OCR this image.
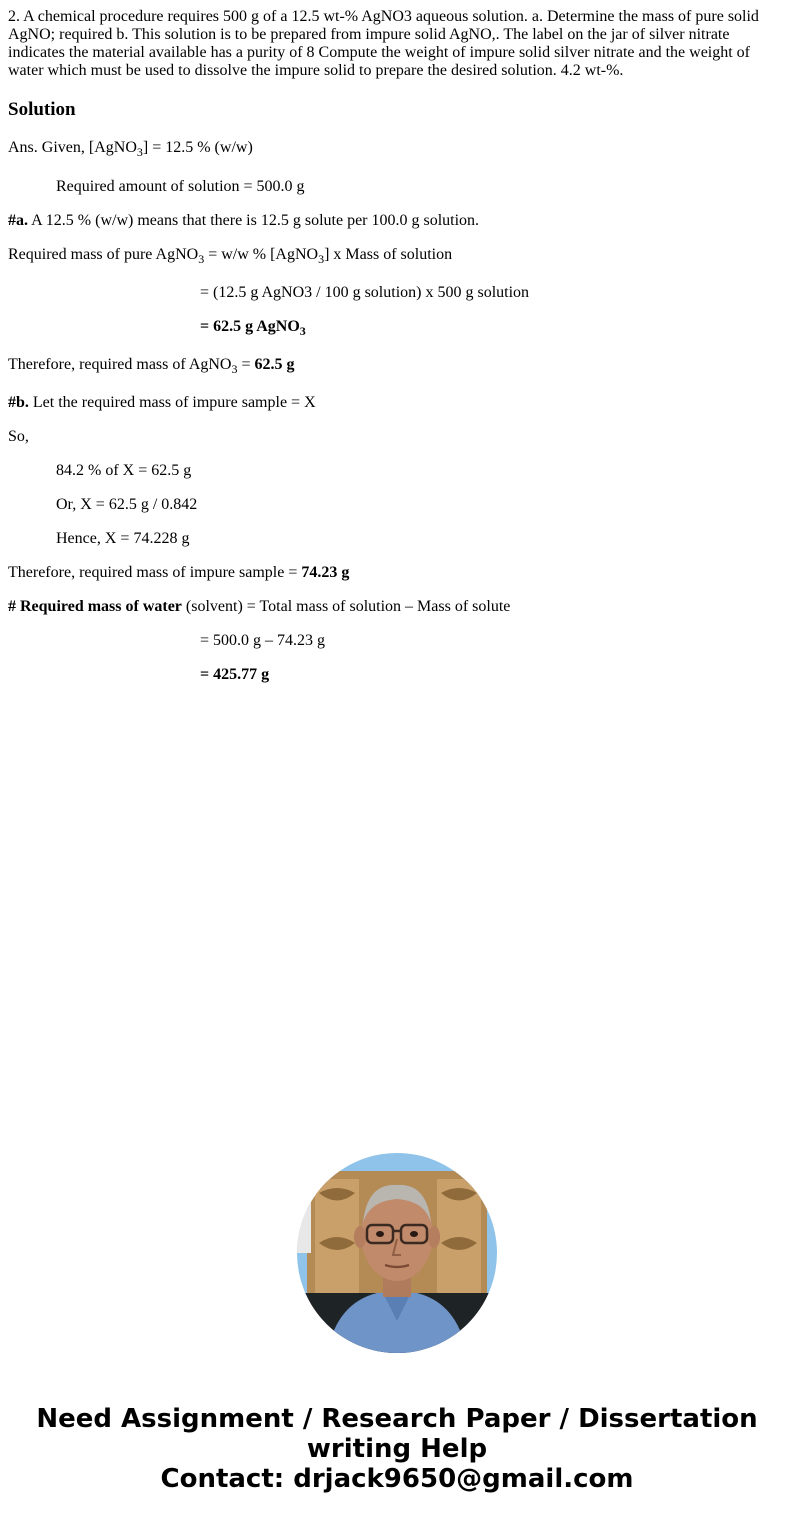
2. A chemical procedure requires 500 g of a 12.5 wt-% AgNO3 aqueous solution. a. Determine the mass of pure solid AgNO; required b. This solution is to be prepared from impure solid AgNO,. The label on the jar of silver nitrate indicates the material available has a purity of 8 Compute the weight of impure solid silver nitrate and the weight of water which must be used to dissolve the impure solid to prepare the desired solution. 4.2 wt-%.

Solution
Ans. Given, [AgNO$_3$] = 12.5 % (w/w)
Required amount of solution = 500.0 g
#a. A 12.5 % (w/w) means that there is 12.5 g solute per 100.0 g solution.
Required mass of pure AgNO$_3$ = w/w % [AgNO$_3$] x Mass of solution
= (12.5 g AgNO3 / 100 g solution) x 500 g solution
= 62.5 g AgNO$_3$
Therefore, required mass of AgNO$_3$ = 62.5 g
#b. Let the required mass of impure sample = X
So,
84.2 % of X = 62.5 g
Or, X = 62.5 g / 0.842
Hence, X = 74.228 g
Therefore, required mass of impure sample = 74.23 g
# Required mass of water (solvent) = Total mass of solution – Mass of solute
= 500.0 g – 74.23 g
= 425.77 g
Need Assignment / Research Paper / Dissertation
writing Help
Contact: drjack9650@gmail.com
